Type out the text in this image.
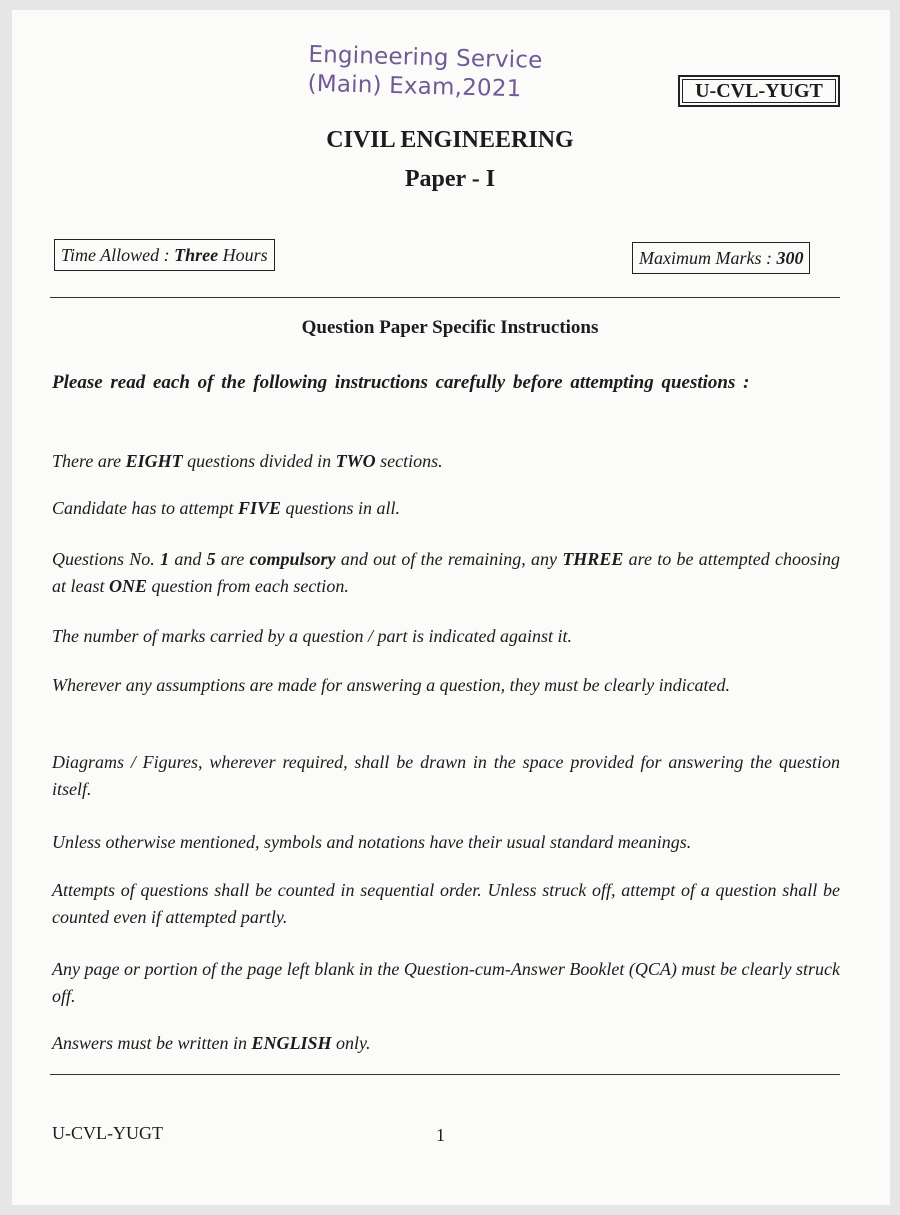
Engineering Service
(Main) Exam,2021	U-CVL-YUGT
CIVIL ENGINEERING
Paper - I
Time Allowed : Three Hours	Maximum Marks : 300
Question Paper Specific Instructions
Please read each of the following instructions carefully before attempting questions :
There are EIGHT questions divided in TWO sections.
Candidate has to attempt FIVE questions in all.
Questions No. 1 and 5 are compulsory and out of the remaining, any THREE are to be attempted choosing at least ONE question from each section.
The number of marks carried by a question / part is indicated against it.
Wherever any assumptions are made for answering a question, they must be clearly indicated.
Diagrams / Figures, wherever required, shall be drawn in the space provided for answering the question itself.
Unless otherwise mentioned, symbols and notations have their usual standard meanings.
Attempts of questions shall be counted in sequential order. Unless struck off, attempt of a question shall be counted even if attempted partly.
Any page or portion of the page left blank in the Question-cum-Answer Booklet (QCA) must be clearly struck off.
Answers must be written in ENGLISH only.
U-CVL-YUGT	1
